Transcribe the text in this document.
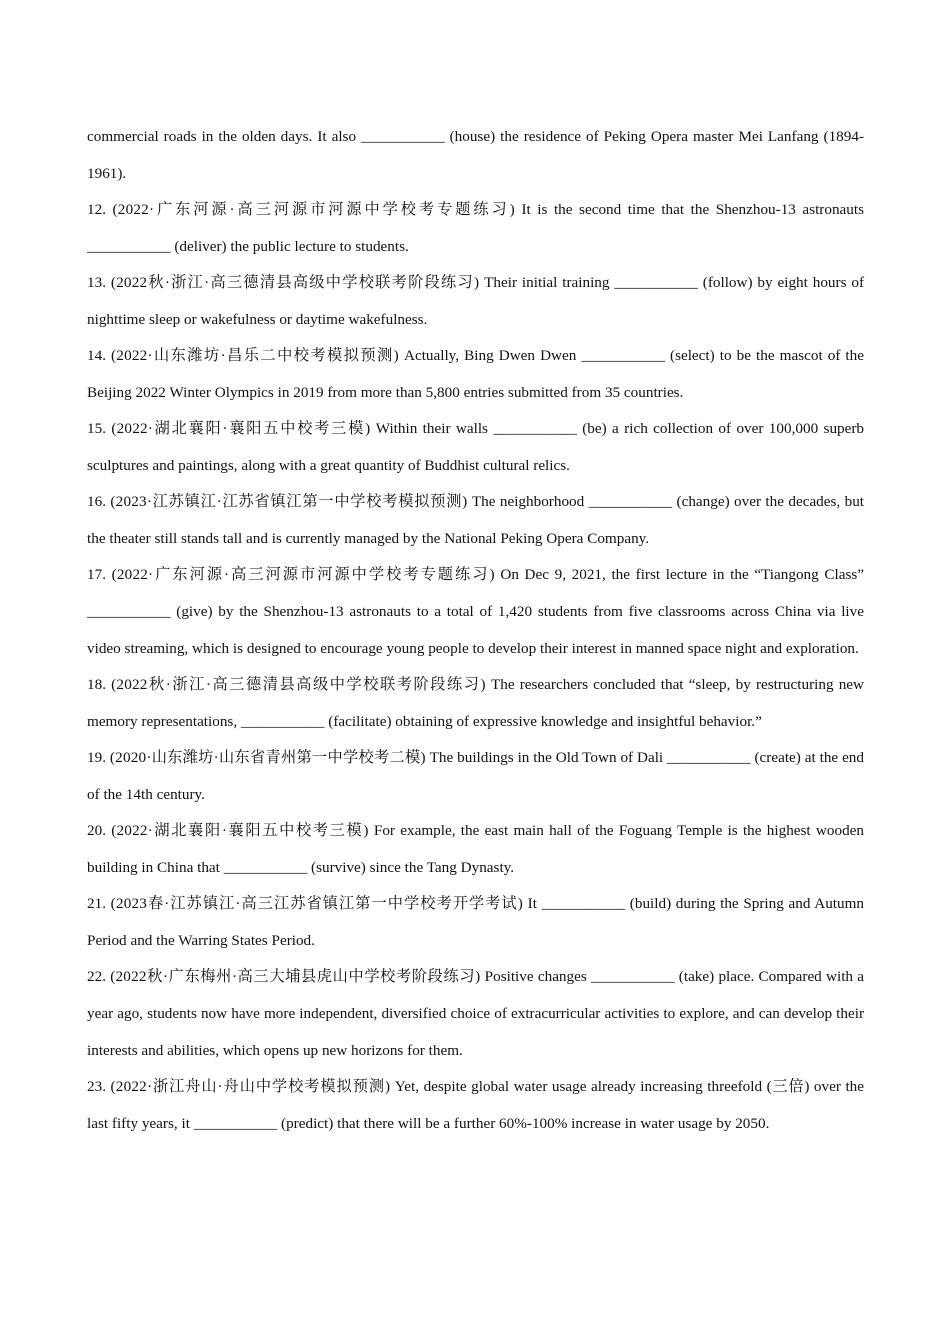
commercial roads in the olden days. It also ___________ (house) the residence of Peking Opera master Mei Lanfang (1894-1961).

12. (2022·广东河源·高三河源市河源中学校考专题练习) It is the second time that the Shenzhou-13 astronauts ___________ (deliver) the public lecture to students.

13. (2022秋·浙江·高三德清县高级中学校联考阶段练习) Their initial training ___________ (follow) by eight hours of nighttime sleep or wakefulness or daytime wakefulness.

14. (2022·山东潍坊·昌乐二中校考模拟预测) Actually, Bing Dwen Dwen ___________ (select) to be the mascot of the Beijing 2022 Winter Olympics in 2019 from more than 5,800 entries submitted from 35 countries.

15. (2022·湖北襄阳·襄阳五中校考三模) Within their walls ___________ (be) a rich collection of over 100,000 superb sculptures and paintings, along with a great quantity of Buddhist cultural relics.

16. (2023·江苏镇江·江苏省镇江第一中学校考模拟预测) The neighborhood ___________ (change) over the decades, but the theater still stands tall and is currently managed by the National Peking Opera Company.

17. (2022·广东河源·高三河源市河源中学校考专题练习) On Dec 9, 2021, the first lecture in the “Tiangong Class” ___________ (give) by the Shenzhou-13 astronauts to a total of 1,420 students from five classrooms across China via live video streaming, which is designed to encourage young people to develop their interest in manned space night and exploration.

18. (2022秋·浙江·高三德清县高级中学校联考阶段练习) The researchers concluded that “sleep, by restructuring new memory representations, ___________ (facilitate) obtaining of expressive knowledge and insightful behavior.”

19. (2020·山东潍坊·山东省青州第一中学校考二模) The buildings in the Old Town of Dali ___________ (create) at the end of the 14th century.

20. (2022·湖北襄阳·襄阳五中校考三模) For example, the east main hall of the Foguang Temple is the highest wooden building in China that ___________ (survive) since the Tang Dynasty.

21. (2023春·江苏镇江·高三江苏省镇江第一中学校考开学考试) It ___________ (build) during the Spring and Autumn Period and the Warring States Period.

22. (2022秋·广东梅州·高三大埔县虎山中学校考阶段练习) Positive changes ___________ (take) place. Compared with a year ago, students now have more independent, diversified choice of extracurricular activities to explore, and can develop their interests and abilities, which opens up new horizons for them.

23. (2022·浙江舟山·舟山中学校考模拟预测) Yet, despite global water usage already increasing threefold (三倍) over the last fifty years, it ___________ (predict) that there will be a further 60%-100% increase in water usage by 2050.
